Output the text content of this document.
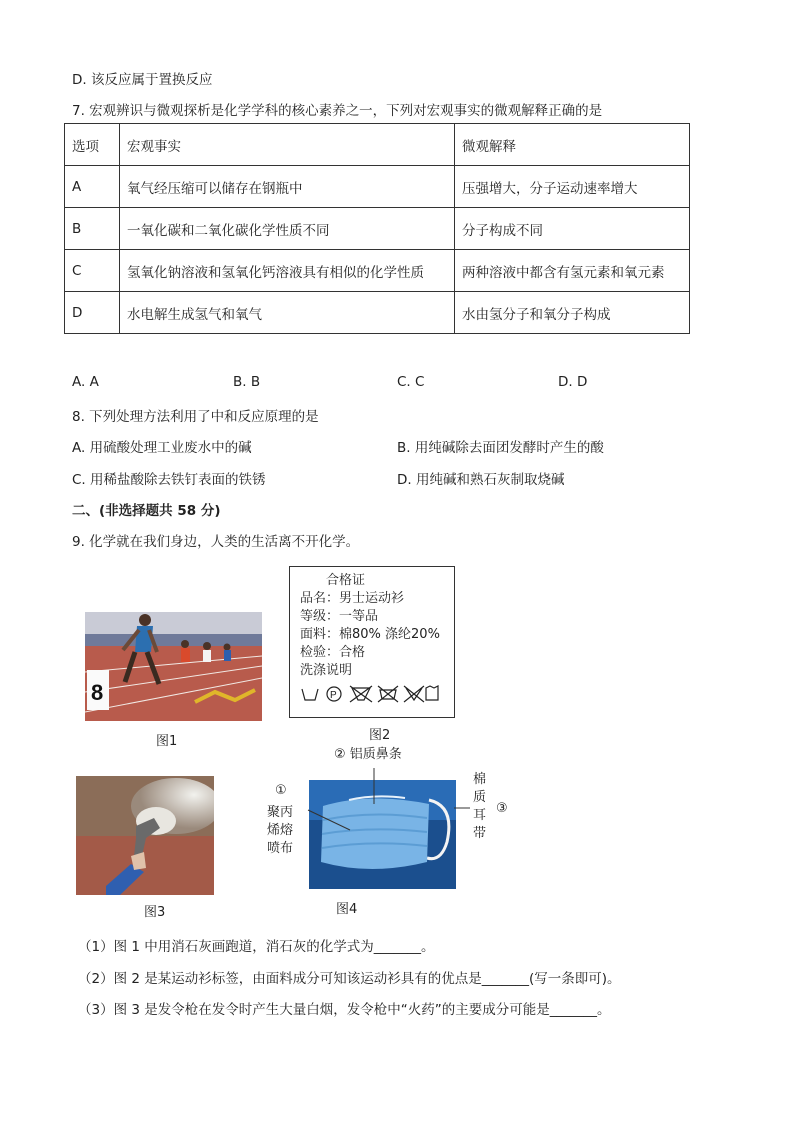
D. 该反应属于置换反应
7. 宏观辨识与微观探析是化学学科的核心素养之一，下列对宏观事实的微观解释正确的是
选项	宏观事实	微观解释
A	氧气经压缩可以储存在钢瓶中	压强增大，分子运动速率增大
B	一氧化碳和二氧化碳化学性质不同	分子构成不同
C	氢氧化钠溶液和氢氧化钙溶液具有相似的化学性质	两种溶液中都含有氢元素和氧元素
D	水电解生成氢气和氧气	水由氢分子和氧分子构成
A. A	B. B	C. C	D. D
8. 下列处理方法利用了中和反应原理的是
A. 用硫酸处理工业废水中的碱	B. 用纯碱除去面团发酵时产生的酸
C. 用稀盐酸除去铁钉表面的铁锈	D. 用纯碱和熟石灰制取烧碱
二、(非选择题共 58 分)
9. 化学就在我们身边，人类的生活离不开化学。
8
图1
合格证
品名：男士运动衫
等级：一等品
面料：棉80% 涤纶20%
检验：合格
洗涤说明
P
图2
图3	图4
② 铝质鼻条
①
聚丙
烯熔
喷布
棉
质
耳
带
③
（1）图 1 中用消石灰画跑道，消石灰的化学式为_______。
（2）图 2 是某运动衫标签，由面料成分可知该运动衫具有的优点是_______(写一条即可)。
（3）图 3 是发令枪在发令时产生大量白烟，发令枪中“火药”的主要成分可能是_______。
